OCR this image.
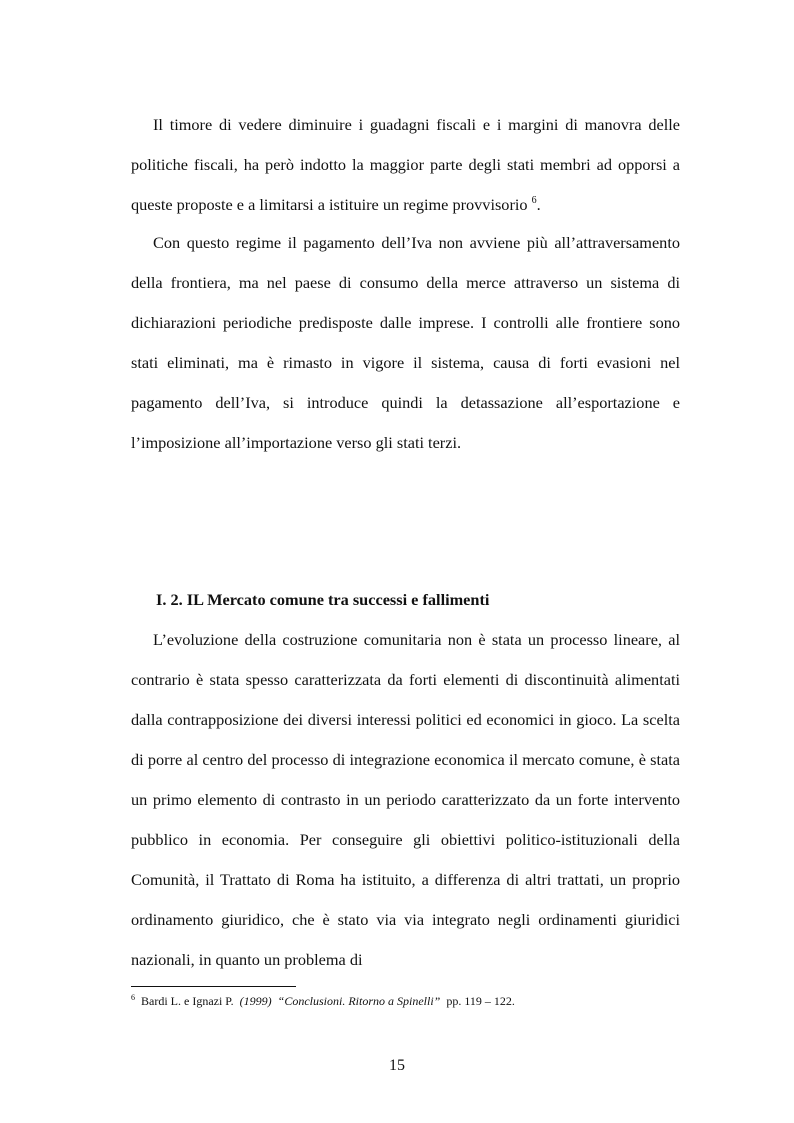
Il timore di vedere diminuire i guadagni fiscali e i margini di manovra delle politiche fiscali, ha però indotto la maggior parte degli stati membri ad opporsi a queste proposte e a limitarsi a istituire un regime provvisorio $^6$.

Con questo regime il pagamento dell’Iva non avviene più all’attraversamento della frontiera, ma nel paese di consumo della merce attraverso un sistema di dichiarazioni periodiche predisposte dalle imprese. I controlli alle frontiere sono stati eliminati, ma è rimasto in vigore il sistema, causa di forti evasioni nel pagamento dell’Iva, si introduce quindi la detassazione all’esportazione e l’imposizione all’importazione verso gli stati terzi.

I. 2. IL Mercato comune tra successi e fallimenti

L’evoluzione della costruzione comunitaria non è stata un processo lineare, al contrario è stata spesso caratterizzata da forti elementi di discontinuità alimentati dalla contrapposizione dei diversi interessi politici ed economici in gioco. La scelta di porre al centro del processo di integrazione economica il mercato comune, è stata un primo elemento di contrasto in un periodo caratterizzato da un forte intervento pubblico in economia. Per conseguire gli obiettivi politico-istituzionali della Comunità, il Trattato di Roma ha istituito, a differenza di altri trattati, un proprio ordinamento giuridico, che è stato via via integrato negli ordinamenti giuridici nazionali, in quanto un problema di

$^6$ Bardi L. e Ignazi P. (1999) “Conclusioni. Ritorno a Spinelli” pp. 119 – 122.

15
